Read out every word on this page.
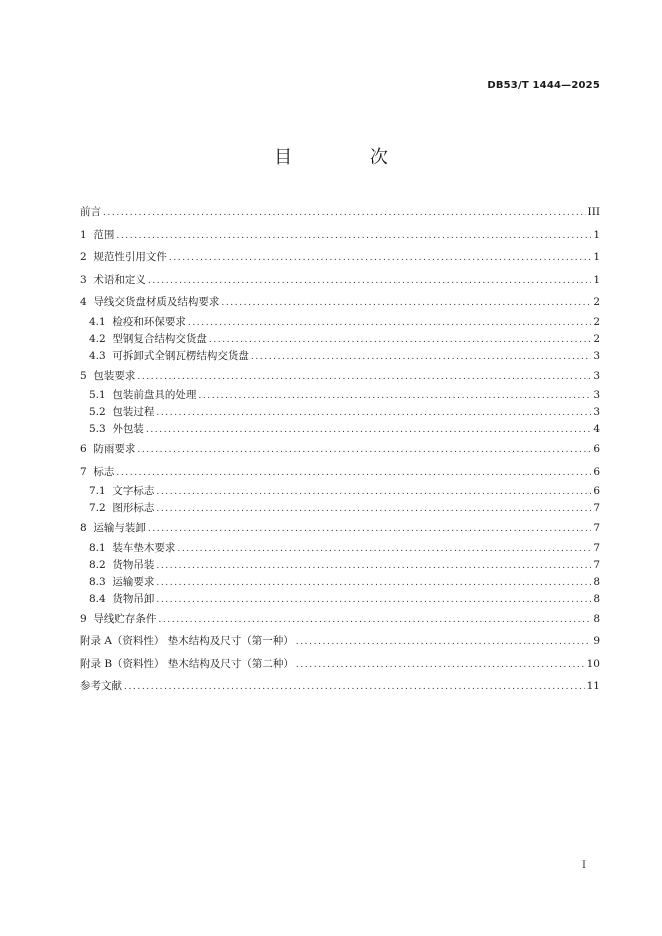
DB53/T 1444—2025
目 次
前言 .....	III
1 范围 .....	1
2 规范性引用文件 .....	1
3 术语和定义 .....	1
4 导线交货盘材质及结构要求 .....	2
4.1 检疫和环保要求 .....	2
4.2 型钢复合结构交货盘 .....	2
4.3 可拆卸式全钢瓦楞结构交货盘 .....	3
5 包装要求 .....	3
5.1 包装前盘具的处理 .....	3
5.2 包装过程 .....	3
5.3 外包装 .....	4
6 防雨要求 .....	6
7 标志 .....	6
7.1 文字标志 .....	6
7.2 图形标志 .....	7
8 运输与装卸 .....	7
8.1 装车垫木要求 .....	7
8.2 货物吊装 .....	7
8.3 运输要求 .....	8
8.4 货物吊卸 .....	8
9 导线贮存条件 .....	8
附录 A（资料性） 垫木结构及尺寸（第一种） .....	9
附录 B（资料性） 垫木结构及尺寸（第二种） .....	10
参考文献 .....	11
I
